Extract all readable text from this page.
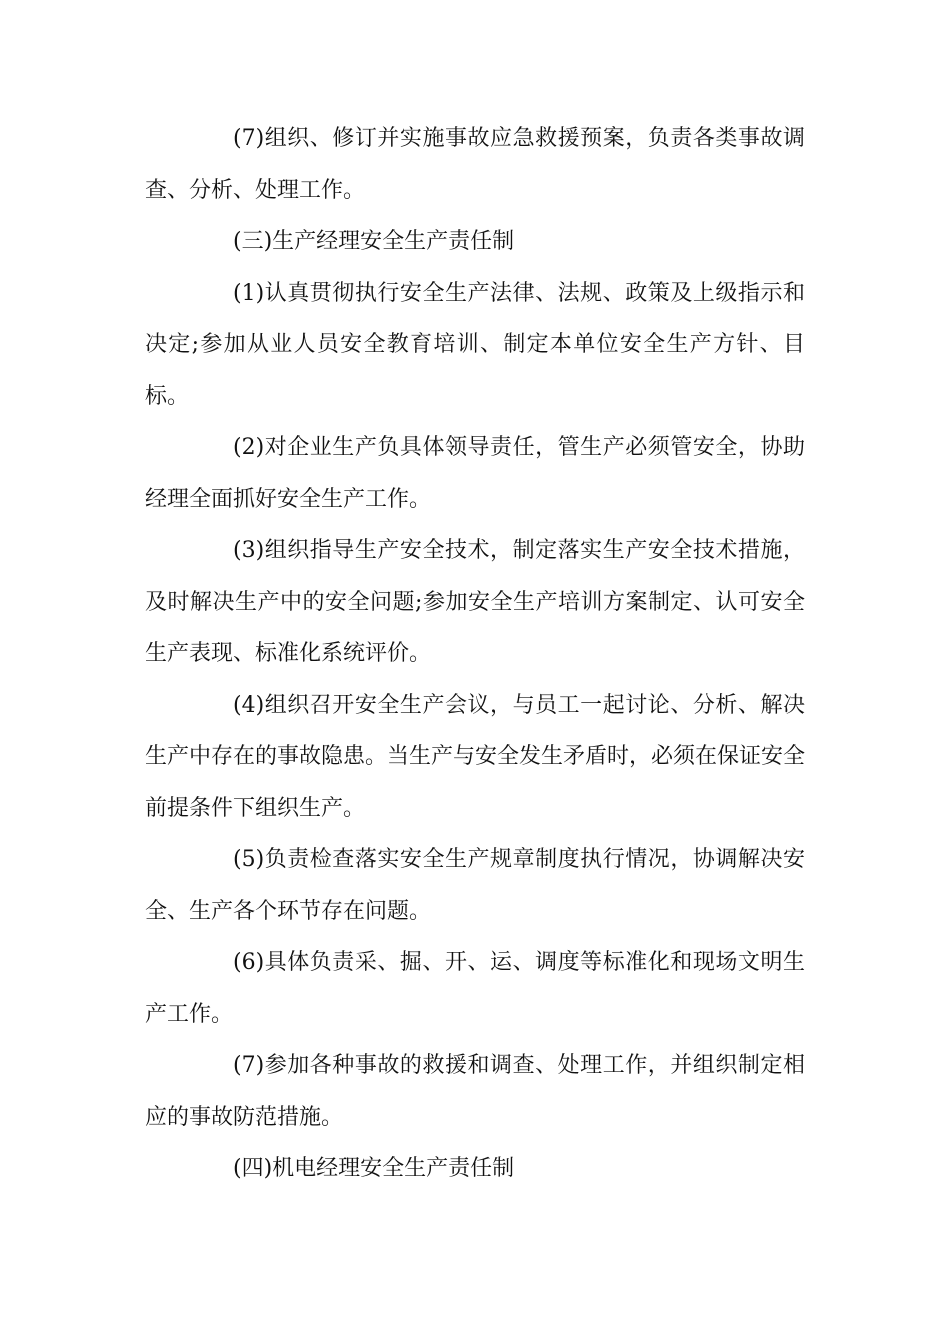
(7)组织、修订并实施事故应急救援预案，负责各类事故调查、分析、处理工作。

(三)生产经理安全生产责任制

(1)认真贯彻执行安全生产法律、法规、政策及上级指示和决定;参加从业人员安全教育培训、制定本单位安全生产方针、目标。

(2)对企业生产负具体领导责任，管生产必须管安全，协助经理全面抓好安全生产工作。

(3)组织指导生产安全技术，制定落实生产安全技术措施，及时解决生产中的安全问题;参加安全生产培训方案制定、认可安全生产表现、标准化系统评价。

(4)组织召开安全生产会议，与员工一起讨论、分析、解决生产中存在的事故隐患。当生产与安全发生矛盾时，必须在保证安全前提条件下组织生产。

(5)负责检查落实安全生产规章制度执行情况，协调解决安全、生产各个环节存在问题。

(6)具体负责采、掘、开、运、调度等标准化和现场文明生产工作。

(7)参加各种事故的救援和调查、处理工作，并组织制定相应的事故防范措施。

(四)机电经理安全生产责任制
